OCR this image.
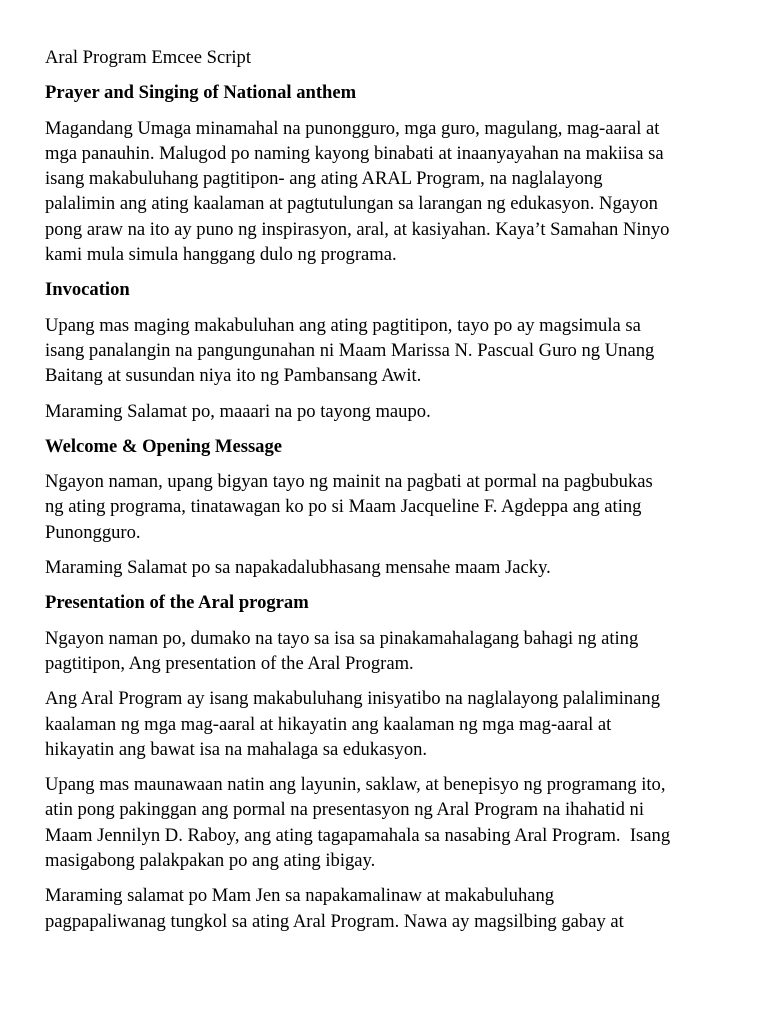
Aral Program Emcee Script

Prayer and Singing of National anthem

Magandang Umaga minamahal na punongguro, mga guro, magulang, mag-aaral at
mga panauhin. Malugod po naming kayong binabati at inaanyayahan na makiisa sa
isang makabuluhang pagtitipon- ang ating ARAL Program, na naglalayong
palalimin ang ating kaalaman at pagtutulungan sa larangan ng edukasyon. Ngayon
pong araw na ito ay puno ng inspirasyon, aral, at kasiyahan. Kaya’t Samahan Ninyo
kami mula simula hanggang dulo ng programa.

Invocation

Upang mas maging makabuluhan ang ating pagtitipon, tayo po ay magsimula sa
isang panalangin na pangungunahan ni Maam Marissa N. Pascual Guro ng Unang
Baitang at susundan niya ito ng Pambansang Awit.

Maraming Salamat po, maaari na po tayong maupo.

Welcome & Opening Message

Ngayon naman, upang bigyan tayo ng mainit na pagbati at pormal na pagbubukas
ng ating programa, tinatawagan ko po si Maam Jacqueline F. Agdeppa ang ating
Punongguro.

Maraming Salamat po sa napakadalubhasang mensahe maam Jacky.

Presentation of the Aral program

Ngayon naman po, dumako na tayo sa isa sa pinakamahalagang bahagi ng ating
pagtitipon, Ang presentation of the Aral Program.

Ang Aral Program ay isang makabuluhang inisyatibo na naglalayong palaliminang
kaalaman ng mga mag-aaral at hikayatin ang kaalaman ng mga mag-aaral at
hikayatin ang bawat isa na mahalaga sa edukasyon.

Upang mas maunawaan natin ang layunin, saklaw, at benepisyo ng programang ito,
atin pong pakinggan ang pormal na presentasyon ng Aral Program na ihahatid ni
Maam Jennilyn D. Raboy, ang ating tagapamahala sa nasabing Aral Program.  Isang
masigabong palakpakan po ang ating ibigay.

Maraming salamat po Mam Jen sa napakamalinaw at makabuluhang
pagpapaliwanag tungkol sa ating Aral Program. Nawa ay magsilbing gabay at
